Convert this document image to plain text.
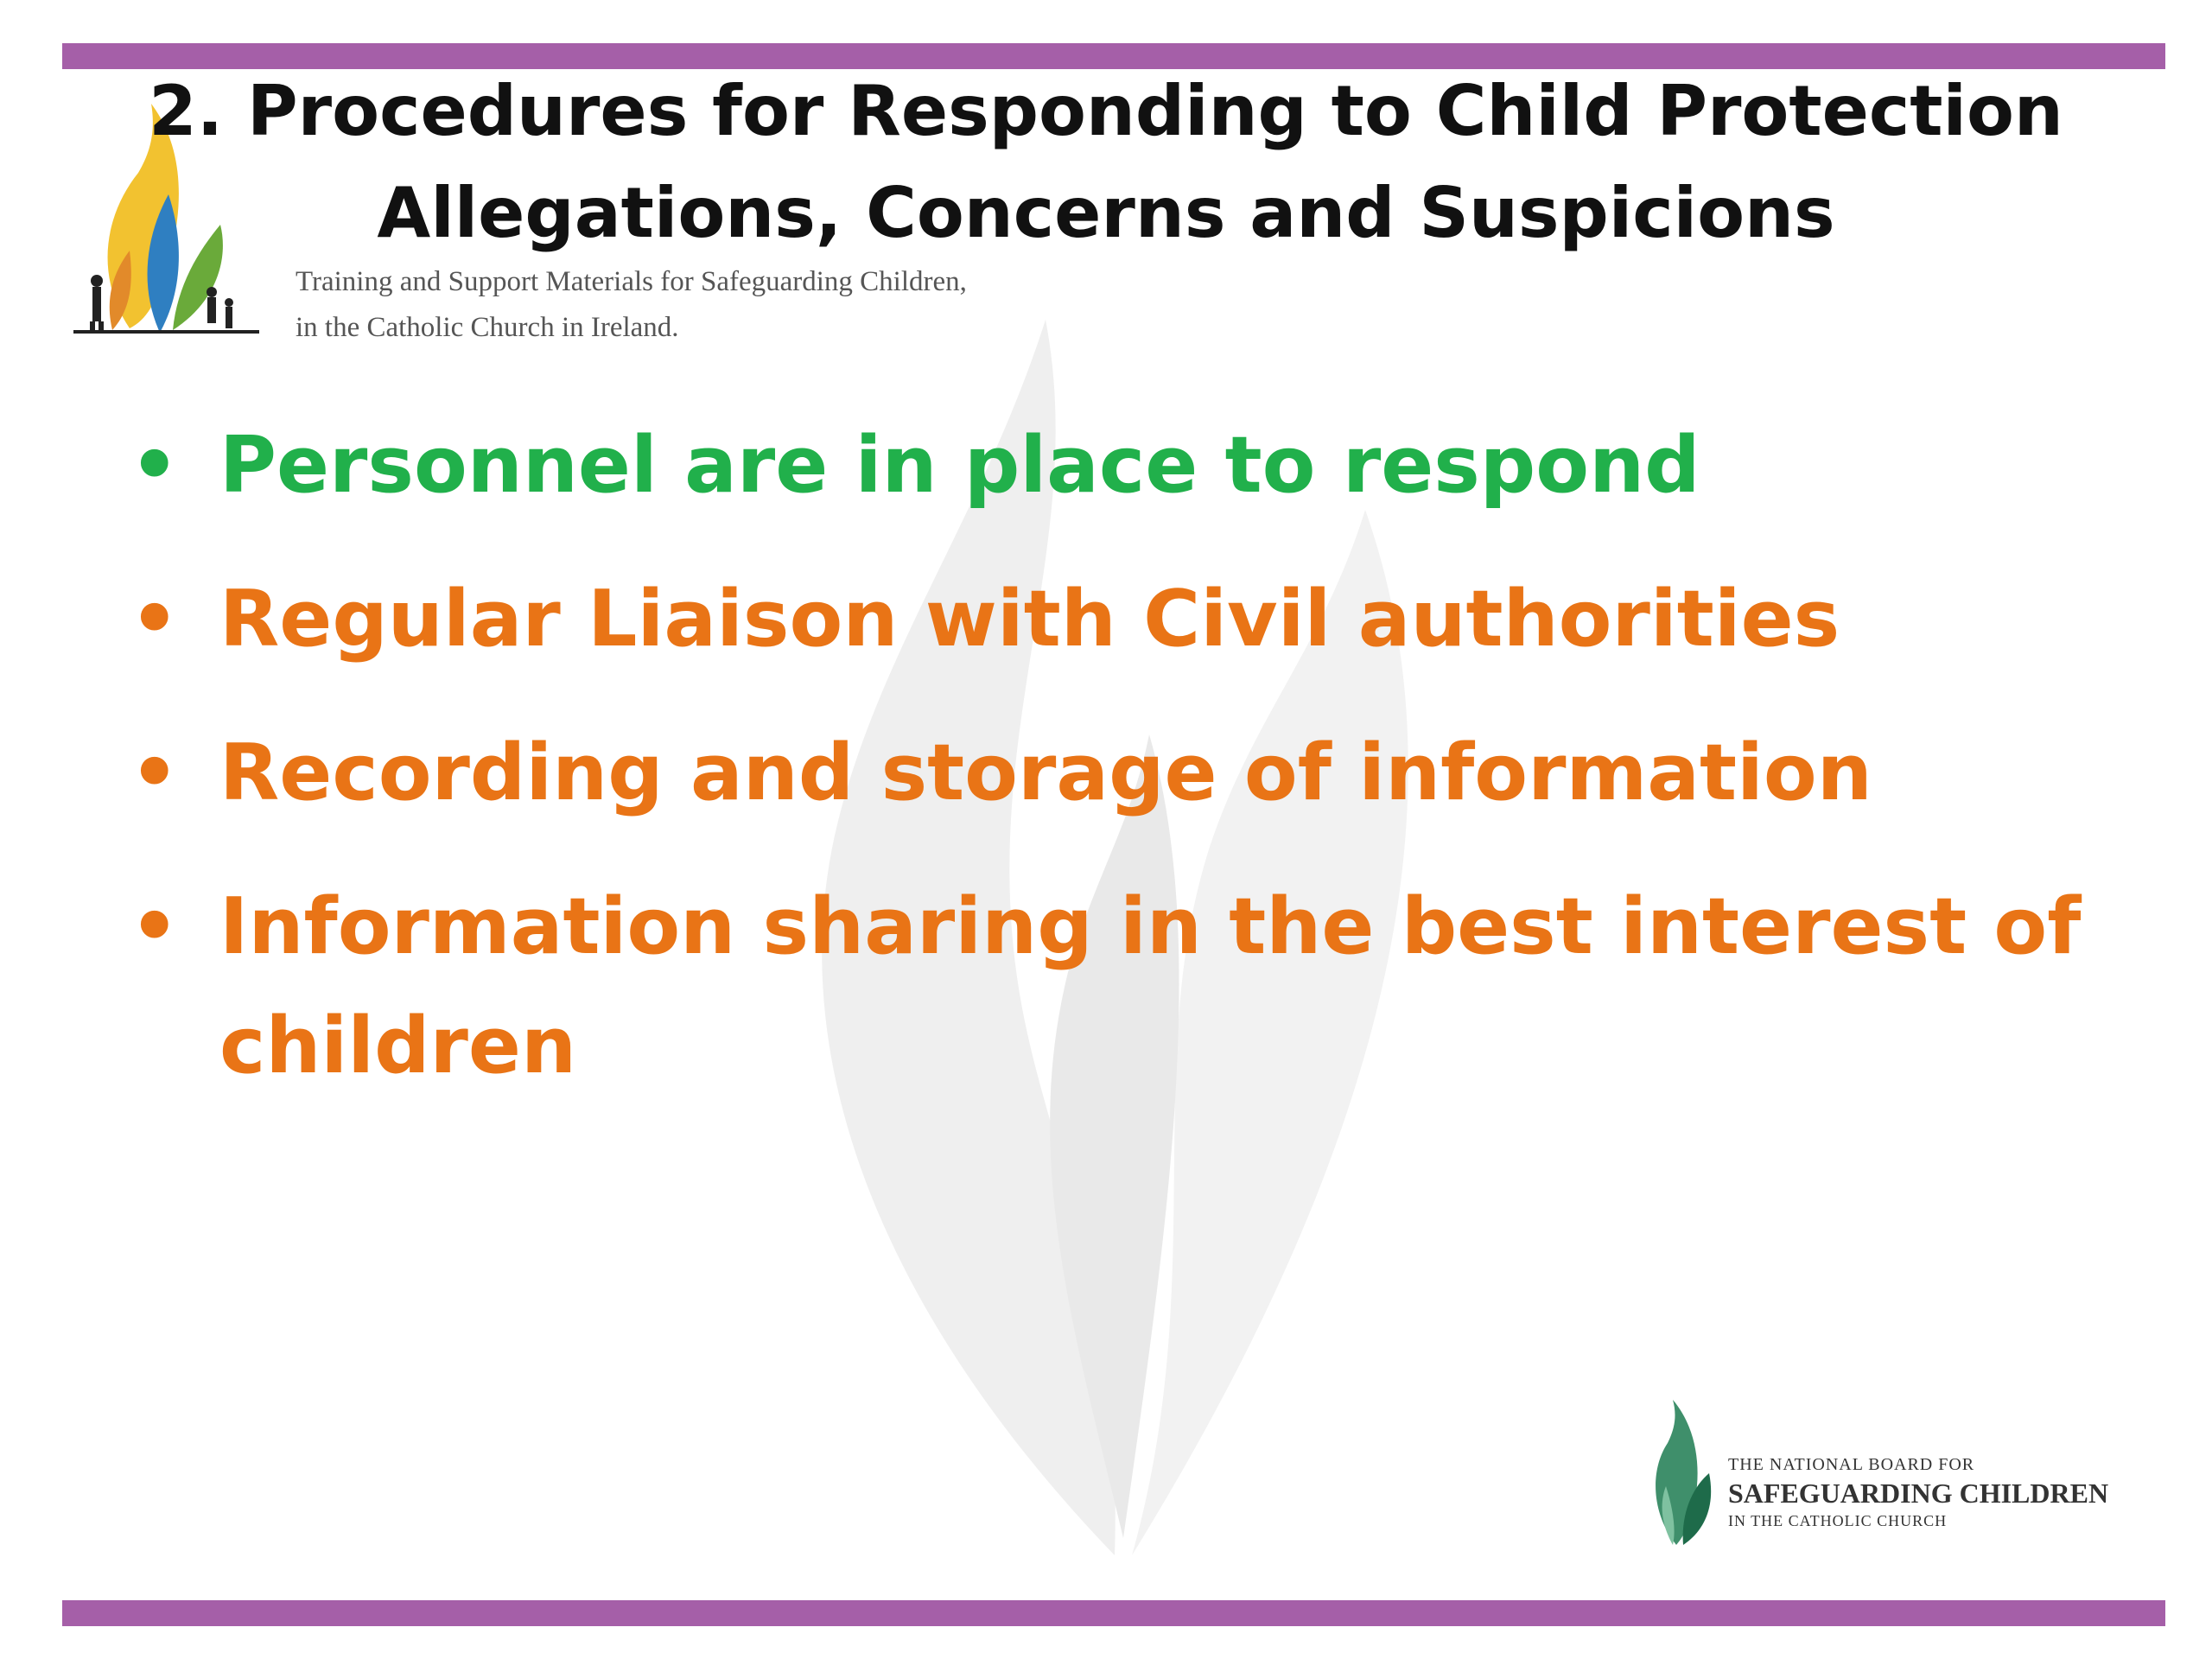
2. Procedures for Responding to Child Protection
Allegations, Concerns and Suspicions
Training and Support Materials for Safeguarding Children,
in the Catholic Church in Ireland.
• Personnel are in place to respond
• Regular Liaison with Civil authorities
• Recording and storage of information
• Information sharing in the best interest of children
THE NATIONAL BOARD FOR
SAFEGUARDING CHILDREN
IN THE CATHOLIC CHURCH
